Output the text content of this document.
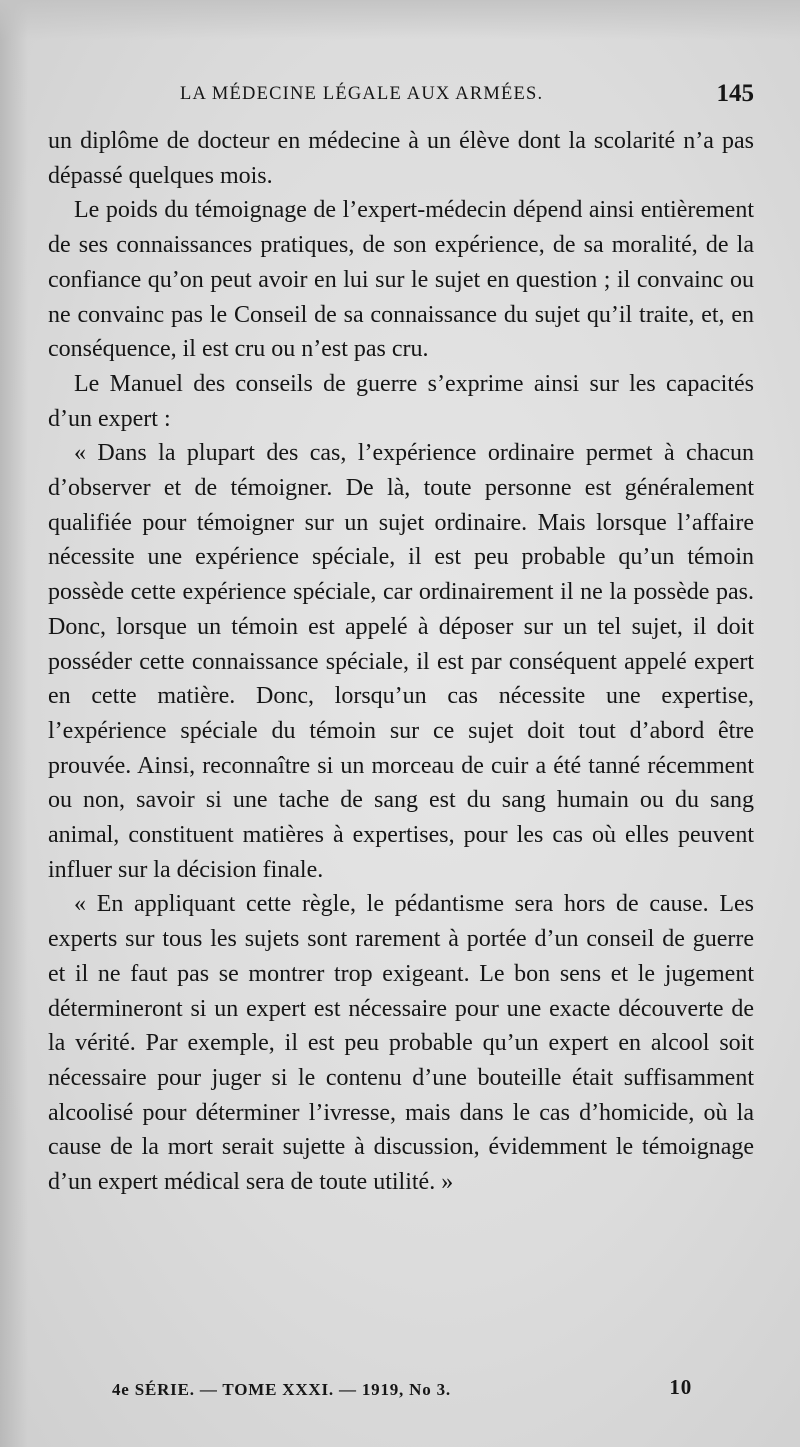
LA MÉDECINE LÉGALE AUX ARMÉES.	145

un diplôme de docteur en médecine à un élève dont la scolarité n’a pas dépassé quelques mois.

Le poids du témoignage de l’expert-médecin dépend ainsi entièrement de ses connaissances pratiques, de son expérience, de sa moralité, de la confiance qu’on peut avoir en lui sur le sujet en question ; il convainc ou ne convainc pas le Conseil de sa connaissance du sujet qu’il traite, et, en conséquence, il est cru ou n’est pas cru.

Le Manuel des conseils de guerre s’exprime ainsi sur les capacités d’un expert :

« Dans la plupart des cas, l’expérience ordinaire permet à chacun d’observer et de témoigner. De là, toute personne est généralement qualifiée pour témoigner sur un sujet ordinaire. Mais lorsque l’affaire nécessite une expérience spéciale, il est peu probable qu’un témoin possède cette expérience spéciale, car ordinairement il ne la possède pas. Donc, lorsque un témoin est appelé à déposer sur un tel sujet, il doit posséder cette connaissance spéciale, il est par conséquent appelé expert en cette matière. Donc, lorsqu’un cas nécessite une expertise, l’expérience spéciale du témoin sur ce sujet doit tout d’abord être prouvée. Ainsi, reconnaître si un morceau de cuir a été tanné récemment ou non, savoir si une tache de sang est du sang humain ou du sang animal, constituent matières à expertises, pour les cas où elles peuvent influer sur la décision finale.

« En appliquant cette règle, le pédantisme sera hors de cause. Les experts sur tous les sujets sont rarement à portée d’un conseil de guerre et il ne faut pas se montrer trop exigeant. Le bon sens et le jugement détermineront si un expert est nécessaire pour une exacte découverte de la vérité. Par exemple, il est peu probable qu’un expert en alcool soit nécessaire pour juger si le contenu d’une bouteille était suffisamment alcoolisé pour déterminer l’ivresse, mais dans le cas d’homicide, où la cause de la mort serait sujette à discussion, évidemment le témoignage d’un expert médical sera de toute utilité. »

4e SÉRIE. — TOME XXXI. — 1919, No 3.	10
